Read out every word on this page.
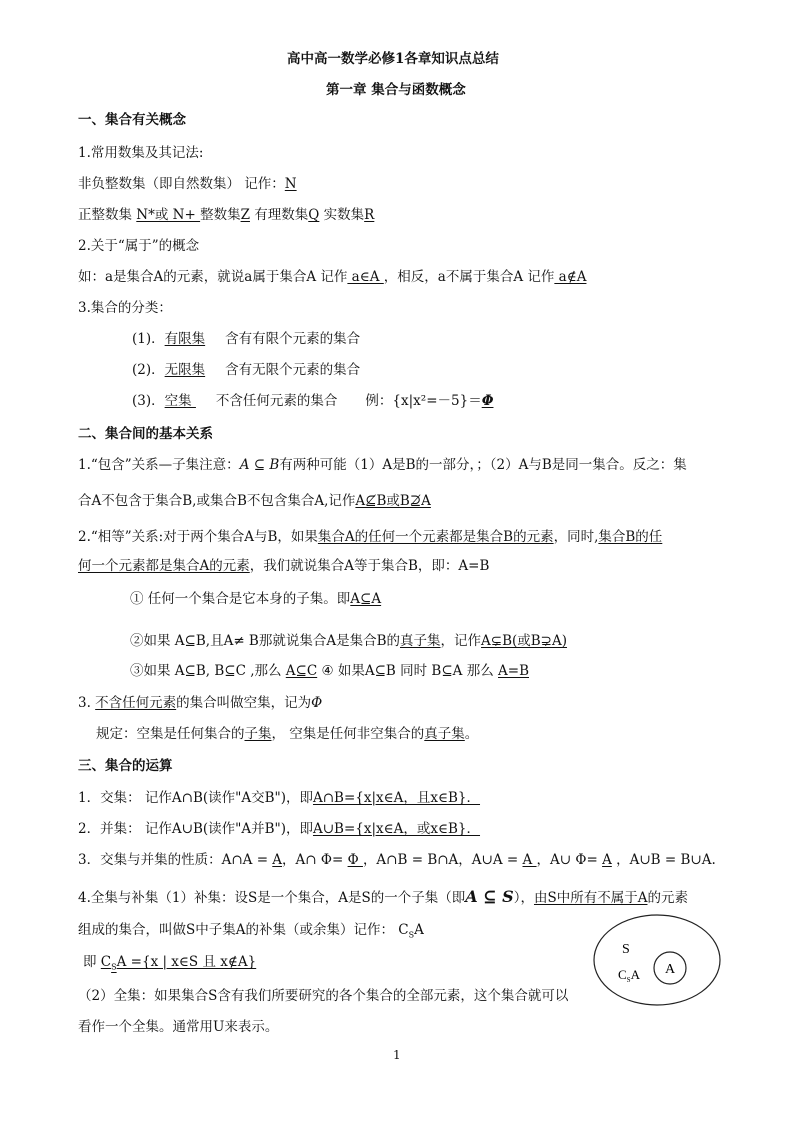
高中高一数学必修1各章知识点总结
第一章 集合与函数概念
一、集合有关概念
1.常用数集及其记法:
非负整数集（即自然数集） 记作：N
正整数集 N*或 N+ 整数集Z 有理数集Q 实数集R
2.关于“属于”的概念
如：a是集合A的元素，就说a属于集合A 记作 a∈A ，相反，a不属于集合A 记作 a∉A
3.集合的分类：
(1)．有限集 含有有限个元素的集合
(2)．无限集 含有无限个元素的集合
(3)．空集 不含任何元素的集合 例：{x|x²=－5}＝Φ
二、集合间的基本关系
1.“包含”关系—子集注意：A ⊆ B有两种可能（1）A是B的一部分，；（2）A与B是同一集合。反之：集
合A不包含于集合B,或集合B不包含集合A,记作A⊈B或B⊉A
2.“相等”关系:对于两个集合A与B，如果集合A的任何一个元素都是集合B的元素，同时,集合B的任
何一个元素都是集合A的元素，我们就说集合A等于集合B，即：A=B
① 任何一个集合是它本身的子集。即A⊆A
②如果 A⊆B,且A≠ B那就说集合A是集合B的真子集，记作A⊊B(或B⊋A)
③如果 A⊆B, B⊆C ,那么 A⊆C ④ 如果A⊆B 同时 B⊆A 那么 A=B
3. 不含任何元素的集合叫做空集，记为Φ
规定：空集是任何集合的子集， 空集是任何非空集合的真子集。
三、集合的运算
1．交集： 记作A∩B(读作"A交B")，即A∩B={x|x∈A，且x∈B}．
2．并集： 记作A∪B(读作"A并B")，即A∪B={x|x∈A，或x∈B}．
3．交集与并集的性质：A∩A = A，A∩ Φ= Φ ，A∩B = B∩A，A∪A = A ，A∪ Φ= A ，A∪B = B∪A.
4.全集与补集（1）补集：设S是一个集合，A是S的一个子集（即A ⊆ S），由S中所有不属于A的元素
组成的集合，叫做S中子集A的补集（或余集）记作： $C_SA$
即 $C_SA =\{x$ | x∈S 且 x∉A}
（2）全集：如果集合S含有我们所要研究的各个集合的全部元素，这个集合就可以
看作一个全集。通常用U来表示。
S
$C_SA$ A
1
